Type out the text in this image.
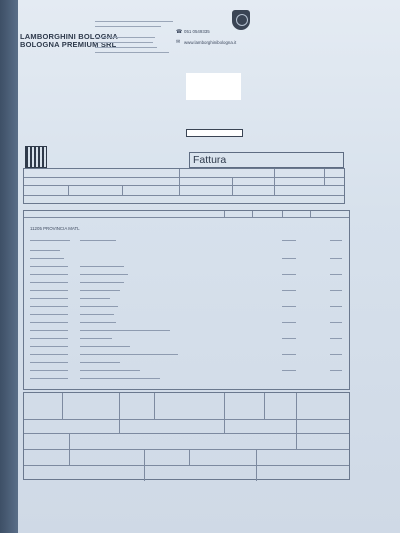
LAMBORGHINI BOLOGNA
BOLOGNA PREMIUM SRL
☎ 051 0549335
✉ www.lamborghinibologna.it
Fattura
11205 PROVINCIA MATL
